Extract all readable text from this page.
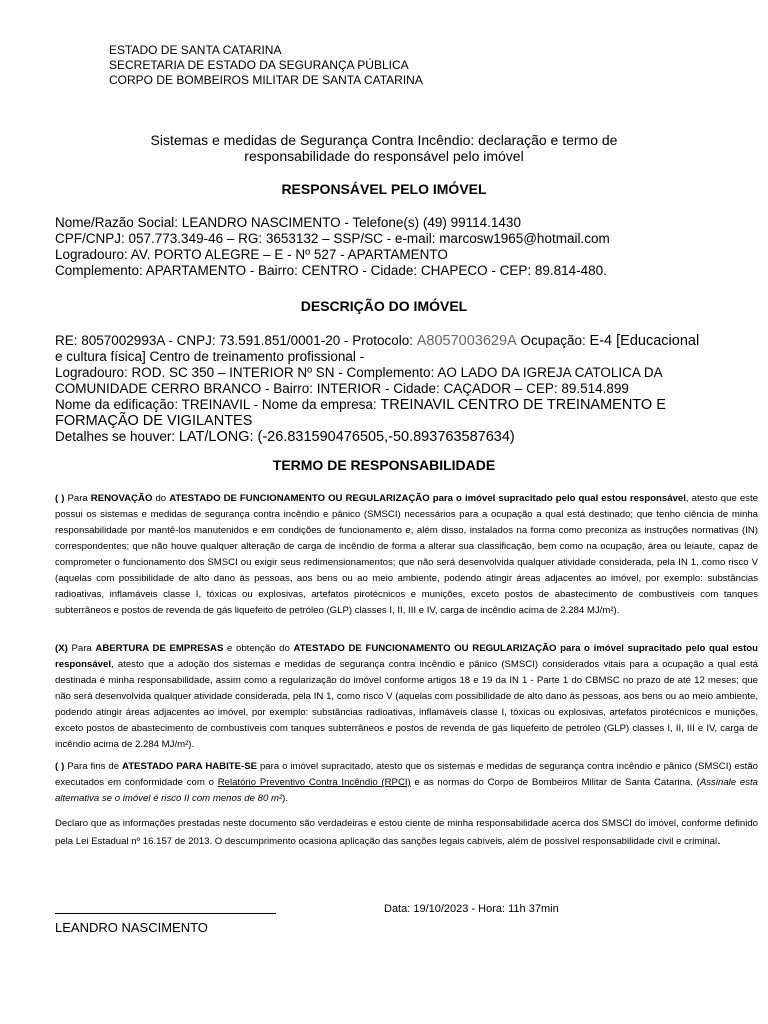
ESTADO DE SANTA CATARINA
SECRETARIA DE ESTADO DA SEGURANÇA PÚBLICA
CORPO DE BOMBEIROS MILITAR DE SANTA CATARINA
Sistemas e medidas de Segurança Contra Incêndio: declaração e termo de
responsabilidade do responsável pelo imóvel
RESPONSÁVEL PELO IMÓVEL
Nome/Razão Social: LEANDRO NASCIMENTO - Telefone(s) (49) 99114.1430
CPF/CNPJ: 057.773.349-46 – RG: 3653132 – SSP/SC - e-mail: marcosw1965@hotmail.com
Logradouro: AV. PORTO ALEGRE – E - Nº 527 - APARTAMENTO
Complemento: APARTAMENTO - Bairro: CENTRO - Cidade: CHAPECO - CEP: 89.814-480.
DESCRIÇÃO DO IMÓVEL
RE: 8057002993A - CNPJ: 73.591.851/0001-20 - Protocolo: A8057003629A Ocupação: E-4 [Educacional
e cultura física] Centro de treinamento profissional -
Logradouro: ROD. SC 350 – INTERIOR Nº SN - Complemento: AO LADO DA IGREJA CATOLICA DA
COMUNIDADE CERRO BRANCO - Bairro: INTERIOR - Cidade: CAÇADOR – CEP: 89.514.899
Nome da edificação: TREINAVIL - Nome da empresa: TREINAVIL CENTRO DE TREINAMENTO E
FORMAÇÃO DE VIGILANTES
Detalhes se houver: LAT/LONG: (-26.831590476505,-50.893763587634)
TERMO DE RESPONSABILIDADE
( ) Para RENOVAÇÃO do ATESTADO DE FUNCIONAMENTO OU REGULARIZAÇÃO para o imóvel supracitado pelo qual estou responsável, atesto que este possui os sistemas e medidas de segurança contra incêndio e pânico (SMSCI) necessários para a ocupação a qual está destinado; que tenho ciência de minha responsabilidade por mantê-los manutenidos e em condições de funcionamento e, além disso, instalados na forma como preconiza as instruções normativas (IN) correspondentes; que não houve qualquer alteração de carga de incêndio de forma a alterar sua classificação, bem como na ocupação, área ou leiaute, capaz de comprometer o funcionamento dos SMSCI ou exigir seus redimensionamentos; que não será desenvolvida qualquer atividade considerada, pela IN 1, como risco V (aquelas com possibilidade de alto dano às pessoas, aos bens ou ao meio ambiente, podendo atingir áreas adjacentes ao imóvel, por exemplo: substâncias radioativas, inflamáveis classe I, tóxicas ou explosivas, artefatos pirotécnicos e munições, exceto postos de abastecimento de combustíveis com tanques subterrâneos e postos de revenda de gás liquefeito de petróleo (GLP) classes I, II, III e IV, carga de incêndio acima de 2.284 MJ/m²).
(X) Para ABERTURA DE EMPRESAS e obtenção do ATESTADO DE FUNCIONAMENTO OU REGULARIZAÇÃO para o imóvel supracitado pelo qual estou responsável, atesto que a adoção dos sistemas e medidas de segurança contra incêndio e pânico (SMSCI) considerados vitais para a ocupação a qual está destinada é minha responsabilidade, assim como a regularização do imóvel conforme artigos 18 e 19 da IN 1 - Parte 1 do CBMSC no prazo de até 12 meses; que não será desenvolvida qualquer atividade considerada, pela IN 1, como risco V (aquelas com possibilidade de alto dano às pessoas, aos bens ou ao meio ambiente, podendo atingir áreas adjacentes ao imóvel, por exemplo: substâncias radioativas, inflamáveis classe I, tóxicas ou explosivas, artefatos pirotécnicos e munições, exceto postos de abastecimento de combustíveis com tanques subterrâneos e postos de revenda de gás liquefeito de petróleo (GLP) classes I, II, III e IV, carga de incêndio acima de 2.284 MJ/m²).
( ) Para fins de ATESTADO PARA HABITE-SE para o imóvel supracitado, atesto que os sistemas e medidas de segurança contra incêndio e pânico (SMSCI) estão executados em conformidade com o Relatório Preventivo Contra Incêndio (RPCI) e as normas do Corpo de Bombeiros Militar de Santa Catarina. (Assinale esta alternativa se o imóvel é risco II com menos de 80 m²).
Declaro que as informações prestadas neste documento são verdadeiras e estou ciente de minha responsabilidade acerca dos SMSCI do imóvel, conforme definido pela Lei Estadual nº 16.157 de 2013. O descumprimento ocasiona aplicação das sanções legais cabíveis, além de possível responsabilidade civil e criminal.
Data: 19/10/2023 - Hora: 11h 37min
LEANDRO NASCIMENTO
